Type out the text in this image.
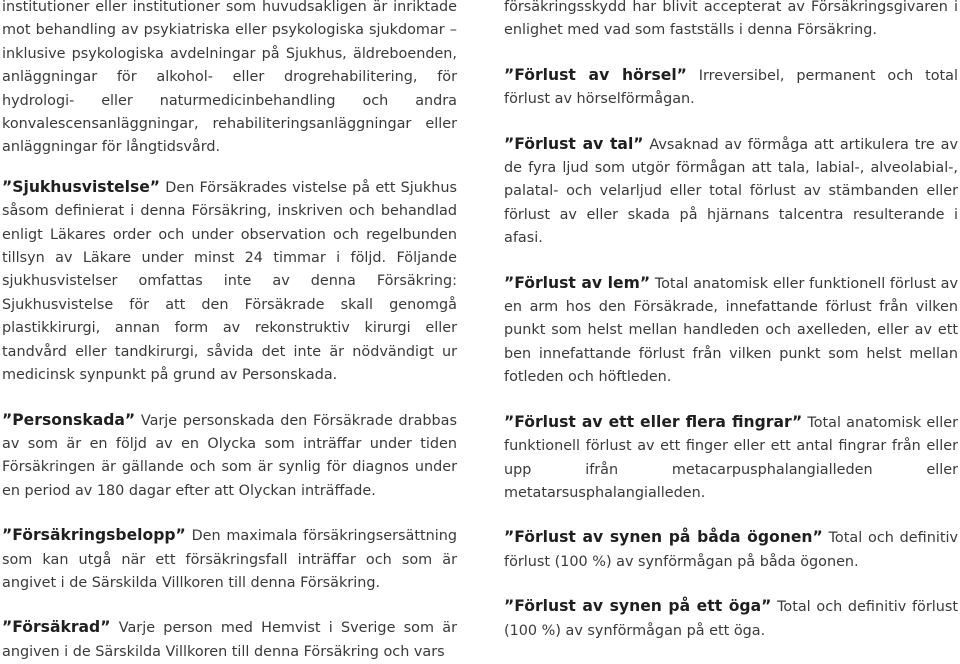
institutioner eller institutioner som huvudsakligen är inriktade mot behandling av psykiatriska eller psykologiska sjukdomar – inklusive psykologiska avdelningar på Sjukhus, äldreboenden, anläggningar för alkohol- eller drogrehabilitering, för hydrologi- eller naturmedicinbehandling och andra konvalescensanläggningar, rehabiliteringsanläggningar eller anläggningar för långtidsvård.

”Sjukhusvistelse” Den Försäkrades vistelse på ett Sjukhus såsom definierat i denna Försäkring, inskriven och behandlad enligt Läkares order och under observation och regelbunden tillsyn av Läkare under minst 24 timmar i följd. Följande sjukhusvistelser omfattas inte av denna Försäkring: Sjukhusvistelse för att den Försäkrade skall genomgå plastikkirurgi, annan form av rekonstruktiv kirurgi eller tandvård eller tandkirurgi, såvida det inte är nödvändigt ur medicinsk synpunkt på grund av Personskada.

”Personskada” Varje personskada den Försäkrade drabbas av som är en följd av en Olycka som inträffar under tiden Försäkringen är gällande och som är synlig för diagnos under en period av 180 dagar efter att Olyckan inträffade.

”Försäkringsbelopp” Den maximala försäkringsersättning som kan utgå när ett försäkringsfall inträffar och som är angivet i de Särskilda Villkoren till denna Försäkring.

”Försäkrad” Varje person med Hemvist i Sverige som är angiven i de Särskilda Villkoren till denna Försäkring och vars

försäkringsskydd har blivit accepterat av Försäkringsgivaren i enlighet med vad som fastställs i denna Försäkring.

”Förlust av hörsel” Irreversibel, permanent och total förlust av hörselförmågan.

”Förlust av tal” Avsaknad av förmåga att artikulera tre av de fyra ljud som utgör förmågan att tala, labial-, alveolabial-, palatal- och velarljud eller total förlust av stämbanden eller förlust av eller skada på hjärnans talcentra resulterande i afasi.

”Förlust av lem” Total anatomisk eller funktionell förlust av en arm hos den Försäkrade, innefattande förlust från vilken punkt som helst mellan handleden och axelleden, eller av ett ben innefattande förlust från vilken punkt som helst mellan fotleden och höftleden.

”Förlust av ett eller flera fingrar” Total anatomisk eller funktionell förlust av ett finger eller ett antal fingrar från eller upp ifrån metacarpusphalangialleden eller metatarsusphalangialleden.

”Förlust av synen på båda ögonen” Total och definitiv förlust (100 %) av synförmågan på båda ögonen.

”Förlust av synen på ett öga” Total och definitiv förlust (100 %) av synförmågan på ett öga.
